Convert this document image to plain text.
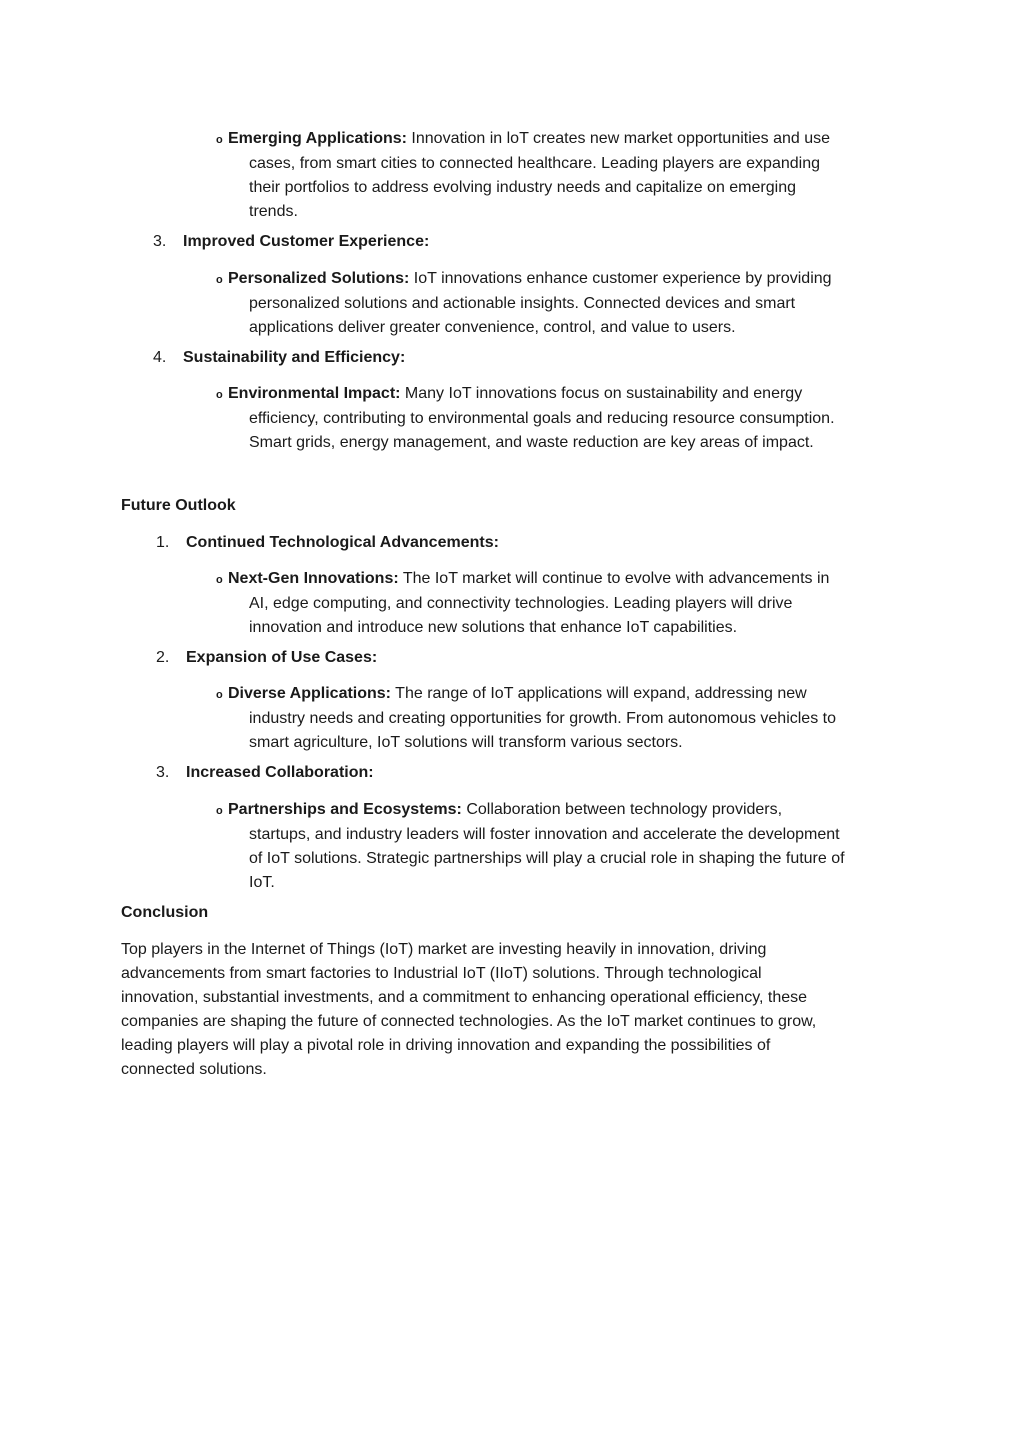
o Emerging Applications: Innovation in loT creates new market opportunities and use
cases, from smart cities to connected healthcare. Leading players are expanding
their portfolios to address evolving industry needs and capitalize on emerging
trends.
3. Improved Customer Experience:
o Personalized Solutions: IoT innovations enhance customer experience by providing
personalized solutions and actionable insights. Connected devices and smart
applications deliver greater convenience, control, and value to users.
4. Sustainability and Efficiency:
o Environmental Impact: Many IoT innovations focus on sustainability and energy
efficiency, contributing to environmental goals and reducing resource consumption.
Smart grids, energy management, and waste reduction are key areas of impact.
Future Outlook
1. Continued Technological Advancements:
o Next-Gen Innovations: The IoT market will continue to evolve with advancements in
AI, edge computing, and connectivity technologies. Leading players will drive
innovation and introduce new solutions that enhance IoT capabilities.
2. Expansion of Use Cases:
o Diverse Applications: The range of IoT applications will expand, addressing new
industry needs and creating opportunities for growth. From autonomous vehicles to
smart agriculture, IoT solutions will transform various sectors.
3. Increased Collaboration:
o Partnerships and Ecosystems: Collaboration between technology providers,
startups, and industry leaders will foster innovation and accelerate the development
of IoT solutions. Strategic partnerships will play a crucial role in shaping the future of
IoT.
Conclusion
Top players in the Internet of Things (IoT) market are investing heavily in innovation, driving
advancements from smart factories to Industrial IoT (IIoT) solutions. Through technological
innovation, substantial investments, and a commitment to enhancing operational efficiency, these
companies are shaping the future of connected technologies. As the IoT market continues to grow,
leading players will play a pivotal role in driving innovation and expanding the possibilities of
connected solutions.
